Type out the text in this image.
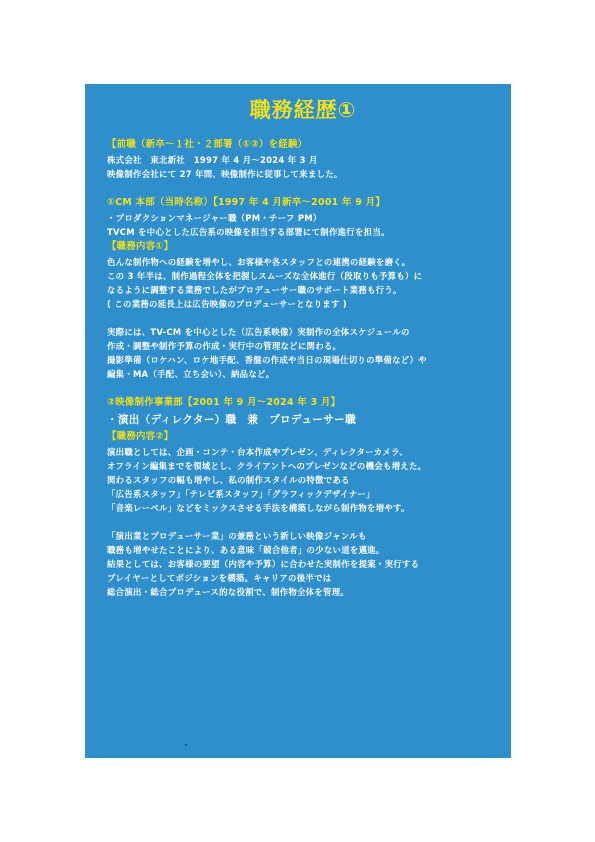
職務経歴①
【前職（新卒～１社・２部署（①②）を経験）
株式会社　東北新社　1997 年 4 月～2024 年 3 月
映像制作会社にて 27 年間、映像制作に従事して来ました。
①CM 本部（当時名称）【1997 年 4 月新卒～2001 年 9 月】
・プロダクションマネージャー職（PM・チーフ PM）
TVCM を中心とした広告系の映像を担当する部署にて制作進行を担当。
【職務内容①】
色んな制作物への経験を増やし、お客様や各スタッフとの連携の経験を磨く。
この 3 年半は、制作過程全体を把握しスムーズな全体進行（段取りも予算も）に
なるように調整する業務でしたがプロデューサー職のサポート業務も行う。
( この業務の延長上は広告映像のプロデューサーとなります )
実際には、TV-CM を中心とした（広告系映像）実制作の全体スケジュールの
作成・調整や制作予算の作成・実行中の管理などに関わる。
撮影準備（ロケハン、ロケ地手配、香盤の作成や当日の現場仕切りの準備など）や
編集・MA（手配、立ち会い）、納品など。
②映像制作事業部【2001 年 9 月～2024 年 3 月】
・演出（ディレクター）職　兼　プロデューサー職
【職務内容②】
演出職としては、企画・コンテ・台本作成やプレゼン、ディレクターカメラ、
オフライン編集までを領域とし、クライアントへのプレゼンなどの機会も増えた。
関わるスタッフの幅も増やし、私の制作スタイルの特徴である
「広告系スタッフ」「テレビ系スタッフ」「グラフィックデザイナー」
「音楽レーベル」などをミックスさせる手法を構築しながら制作物を増やす。
「演出業とプロデューサー業」の兼務という新しい映像ジャンルも
職務も増やせたことにより、ある意味「競合他者」の少ない道を邁進。
結果としては、お客様の要望（内容や予算）に合わせた実制作を提案・実行する
プレイヤーとしてポジションを構築。キャリアの後半では
総合演出・総合プロデュース的な役割で、制作物全体を管理。
